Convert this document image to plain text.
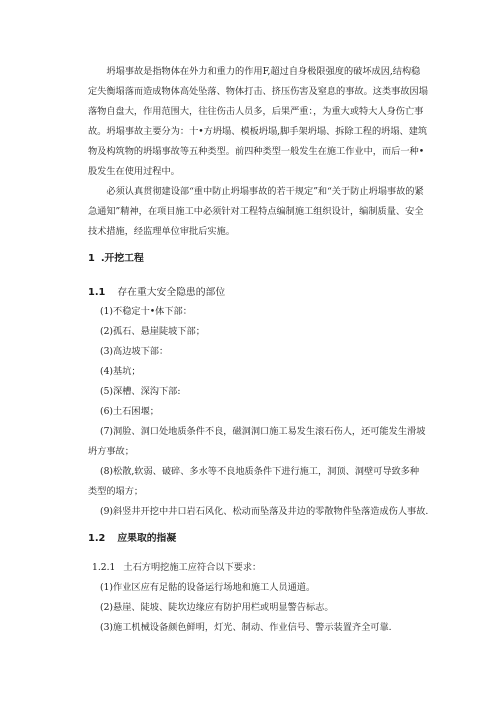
坍塌事故是指物体在外力和重力的作用F,超过自身极限强度的破坏成因,结构稳定失衡塌落而造成物体高处坠落、物体打击、挤压伤害及窒息的事故。这类事故因塌落物自盘大，作用范围大，往往伤击人员多，后果严重：，为重大或特大人身伤亡事故。 坍塌事故主要分为：十•方坍塌、模板坍塌,脚手架坍塌、拆除工程的坍塌、建筑物及构筑物的坍塌事故等五种类型。前四种类型一般发生在施工作业中，而后一种•股发生在使用过程中。

必须认真贯彻建设部“重中防止坍塌事故的若干规定”和“关于防止坍塌事故的紧急通知”精神，在项目施工中必须针对工程特点编制施工组织设计，编制质量、安全技术措施，经监理单位审批后实施。

1 .开挖工程
1.1 存在重大安全隐患的部位

(1)不稳定十•体下部：

(2)孤石、悬崖陡坡下部；

(3)高边坡下部：

(4)基坑；

(5)深槽、深沟下部:

(6)土石困堰；

(7)洞脸、洞口处地质条件不良，磁洞洞口施工易发生滚石伤人，还可能发生滑坡

坍方事故；

(8)松散,软弱、破碎、多水等不良地质条件下进行施工，洞顶、洞壁可导致多种

类型的塌方；

(9)斜竖井开挖中井口岩石风化、松动而坠落及井边的零散物件坠落造成伤人事故.

1.2 应果取的指凝

1.2.1 土石方明挖施工应符合以下要求：

(1)作业区应有足骷的设备运行场地和施工人员通道。

(2)悬崖、陡坡、陡坎边缘应有防护用栏或明显警告标志。

(3)施工机械设备颜色鲜明，灯光、制动、作业信号、警示装置齐全可靠.
